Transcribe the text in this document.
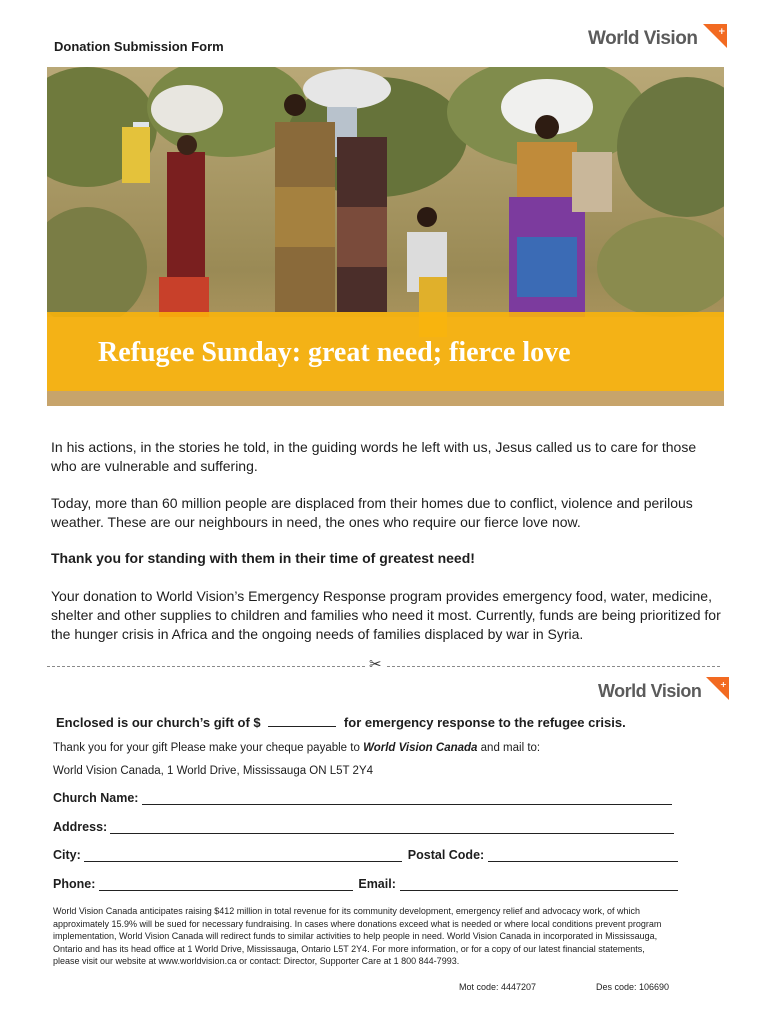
Donation Submission Form	World Vision +
Refugee Sunday: great need; fierce love
In his actions, in the stories he told, in the guiding words he left with us, Jesus called us to care for those who are vulnerable and suffering.
Today, more than 60 million people are displaced from their homes due to conflict, violence and perilous weather. These are our neighbours in need, the ones who require our fierce love now.
Thank you for standing with them in their time of greatest need!
Your donation to World Vision’s Emergency Response program provides emergency food, water, medicine, shelter and other supplies to children and families who need it most. Currently, funds are being prioritized for the hunger crisis in Africa and the ongoing needs of families displaced by war in Syria.
✂
World Vision +
Enclosed is our church’s gift of $	for emergency response to the refugee crisis.
Thank you for your gift Please make your cheque payable to World Vision Canada and mail to:
World Vision Canada, 1 World Drive, Mississauga ON L5T 2Y4
Church Name:
Address:
City:	Postal Code:
Phone:	Email:
World Vision Canada anticipates raising $412 million in total revenue for its community development, emergency relief and advocacy work, of which approximately 15.9% will be sued for necessary fundraising. In cases where donations exceed what is needed or where local conditions prevent program implementation, World Vision Canada will redirect funds to similar activities to help people in need. World Vision Canada in incorporated in Mississauga, Ontario and has its head office at 1 World Drive, Mississauga, Ontario L5T 2Y4. For more information, or for a copy of our latest financial statements, please visit our website at www.worldvision.ca or contact: Director, Supporter Care at 1 800 844-7993.
Mot code: 4447207	Des code: 106690
